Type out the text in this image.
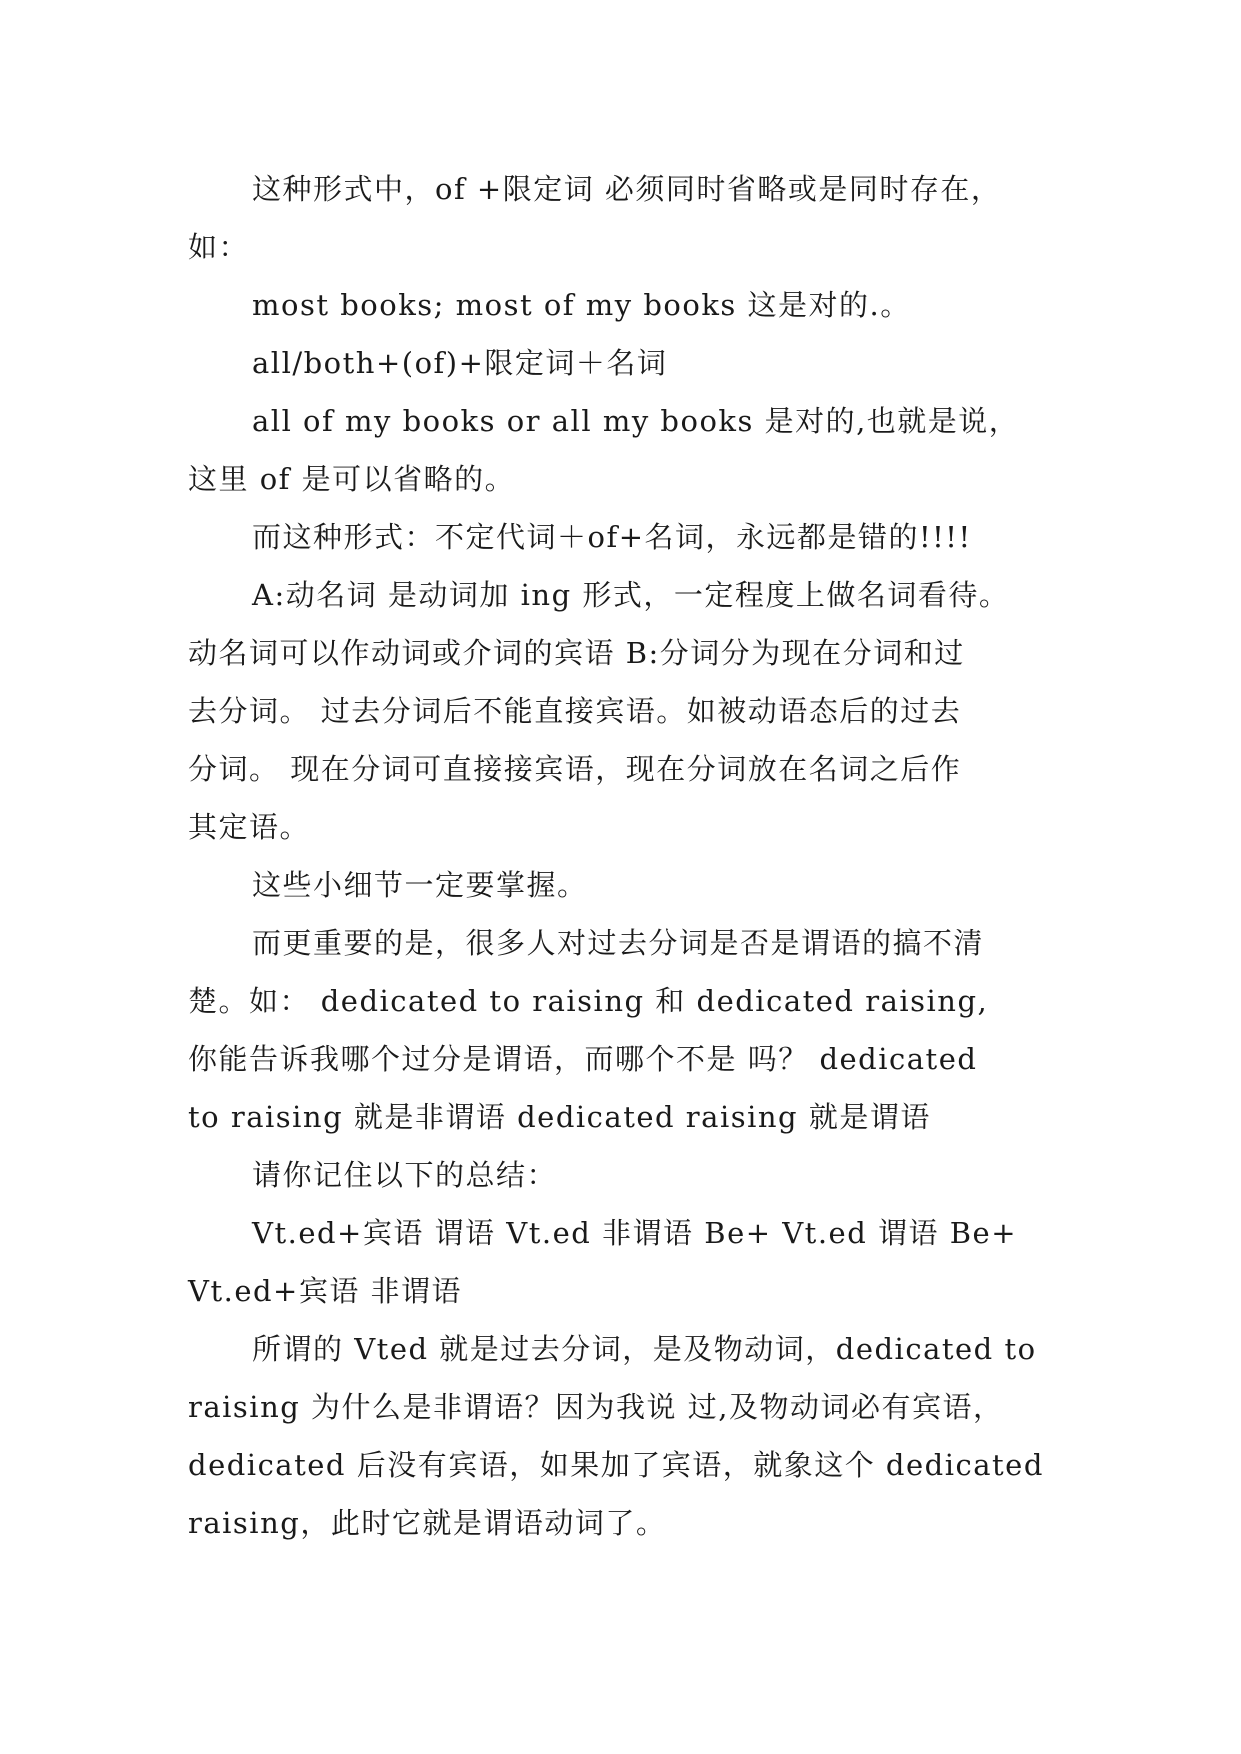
这种形式中，of +限定词 必须同时省略或是同时存在，
如：
most books; most of my books 这是对的.。
all/both+(of)+限定词＋名词
all of my books or all my books 是对的,也就是说，
这里 of 是可以省略的。
而这种形式：不定代词＋of+名词，永远都是错的!!!!
A:动名词 是动词加 ing 形式，一定程度上做名词看待。
动名词可以作动词或介词的宾语 B:分词分为现在分词和过
去分词。 过去分词后不能直接宾语。如被动语态后的过去
分词。 现在分词可直接接宾语，现在分词放在名词之后作
其定语。
这些小细节一定要掌握。
而更重要的是，很多人对过去分词是否是谓语的搞不清
楚。如： dedicated to raising 和 dedicated raising,
你能告诉我哪个过分是谓语，而哪个不是 吗？ dedicated
to raising 就是非谓语 dedicated raising 就是谓语
请你记住以下的总结：
Vt.ed+宾语 谓语 Vt.ed 非谓语 Be+ Vt.ed 谓语 Be+
Vt.ed+宾语 非谓语
所谓的 Vted 就是过去分词，是及物动词，dedicated to
raising 为什么是非谓语？因为我说 过,及物动词必有宾语，
dedicated 后没有宾语，如果加了宾语，就象这个 dedicated
raising，此时它就是谓语动词了。
